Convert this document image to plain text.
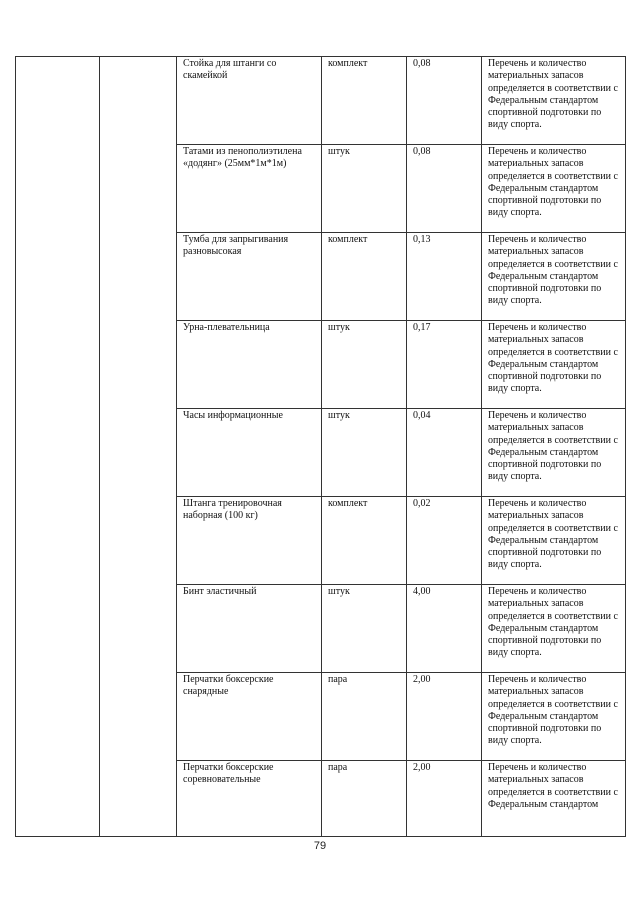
		Стойка для штанги со скамейкой	комплект	0,08	Перечень и количество материальных запасов определяется в соответствии с Федеральным стандартом спортивной подготовки по виду спорта.
		Татами из пенополиэтилена «додянг» (25мм*1м*1м)	штук	0,08	Перечень и количество материальных запасов определяется в соответствии с Федеральным стандартом спортивной подготовки по виду спорта.
		Тумба для запрыгивания разновысокая	комплект	0,13	Перечень и количество материальных запасов определяется в соответствии с Федеральным стандартом спортивной подготовки по виду спорта.
		Урна-плевательница	штук	0,17	Перечень и количество материальных запасов определяется в соответствии с Федеральным стандартом спортивной подготовки по виду спорта.
		Часы информационные	штук	0,04	Перечень и количество материальных запасов определяется в соответствии с Федеральным стандартом спортивной подготовки по виду спорта.
		Штанга тренировочная наборная (100 кг)	комплект	0,02	Перечень и количество материальных запасов определяется в соответствии с Федеральным стандартом спортивной подготовки по виду спорта.
		Бинт эластичный	штук	4,00	Перечень и количество материальных запасов определяется в соответствии с Федеральным стандартом спортивной подготовки по виду спорта.
		Перчатки боксерские снарядные	пара	2,00	Перечень и количество материальных запасов определяется в соответствии с Федеральным стандартом спортивной подготовки по виду спорта.

		Перчатки боксерские соревновательные	пара	2,00	Перечень и количество материальных запасов определяется в соответствии с Федеральным стандартом
79
